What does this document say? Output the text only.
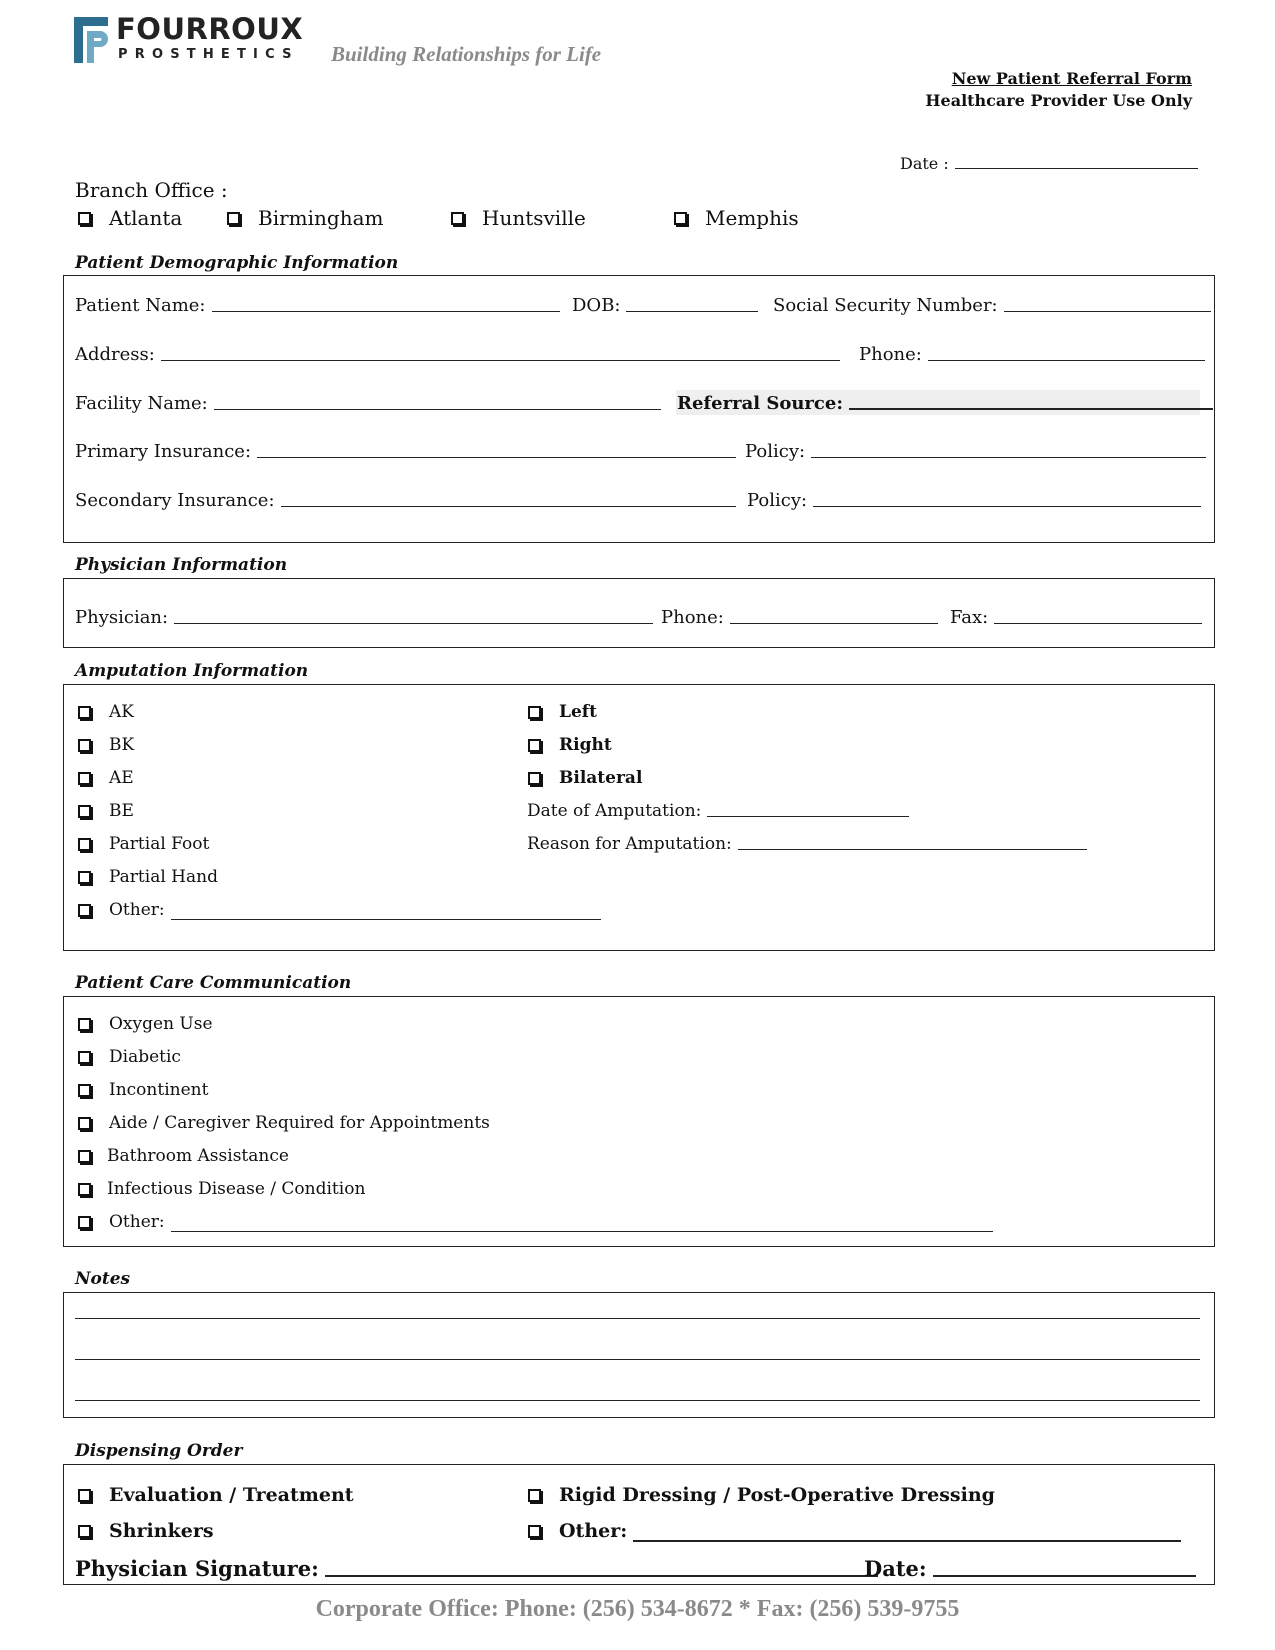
FOURROUX
PROSTHETICS Building Relationships for Life
New Patient Referral Form
Healthcare Provider Use Only
Date :
Branch Office :
Atlanta	Birmingham	Huntsville	Memphis
Patient Demographic Information
Patient Name:	DOB:	Social Security Number:
Address:	Phone:
Facility Name:	Referral Source:
Primary Insurance:	Policy:
Secondary Insurance:	Policy:
Physician Information
Physician:	Phone:	Fax:
Amputation Information
AK
BK
AE
BE
Partial Foot
Partial Hand
Other:
Left
Right
Bilateral
Date of Amputation:
Reason for Amputation:
Patient Care Communication
Oxygen Use
Diabetic
Incontinent
Aide / Caregiver Required for Appointments
Bathroom Assistance
Infectious Disease / Condition
Other:
Notes
Dispensing Order
Evaluation / Treatment
Shrinkers
Rigid Dressing / Post-Operative Dressing
Other:
Physician Signature:	Date:
Corporate Office: Phone: (256) 534-8672 * Fax: (256) 539-9755
